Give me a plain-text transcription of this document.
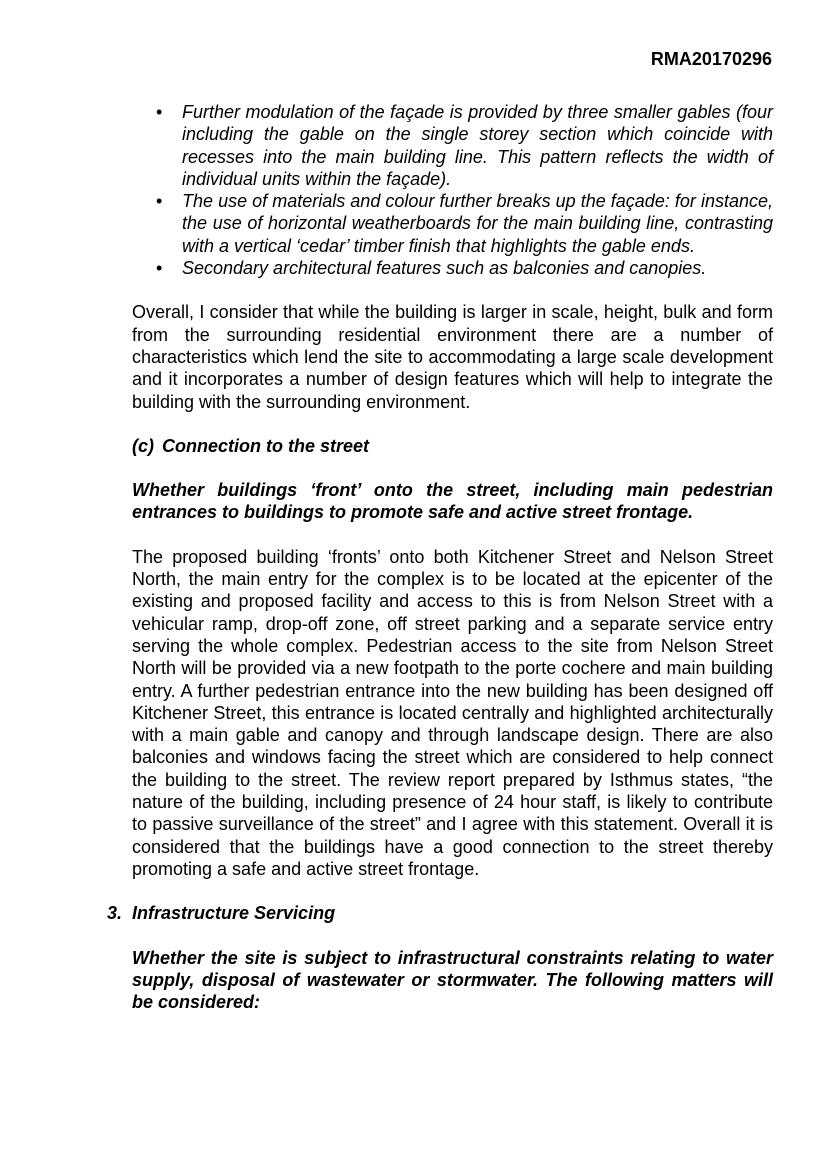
RMA20170296
• Further modulation of the façade is provided by three smaller gables (four including the gable on the single storey section which coincide with recesses into the main building line. This pattern reflects the width of individual units within the façade).
• The use of materials and colour further breaks up the façade: for instance, the use of horizontal weatherboards for the main building line, contrasting with a vertical ‘cedar’ timber finish that highlights the gable ends.
• Secondary architectural features such as balconies and canopies.

Overall, I consider that while the building is larger in scale, height, bulk and form from the surrounding residential environment there are a number of characteristics which lend the site to accommodating a large scale development and it incorporates a number of design features which will help to integrate the building with the surrounding environment.

(c) Connection to the street

Whether buildings ‘front’ onto the street, including main pedestrian entrances to buildings to promote safe and active street frontage.

The proposed building ‘fronts’ onto both Kitchener Street and Nelson Street North, the main entry for the complex is to be located at the epicenter of the existing and proposed facility and access to this is from Nelson Street with a vehicular ramp, drop-off zone, off street parking and a separate service entry serving the whole complex. Pedestrian access to the site from Nelson Street North will be provided via a new footpath to the porte cochere and main building entry. A further pedestrian entrance into the new building has been designed off Kitchener Street, this entrance is located centrally and highlighted architecturally with a main gable and canopy and through landscape design. There are also balconies and windows facing the street which are considered to help connect the building to the street. The review report prepared by Isthmus states, “the nature of the building, including presence of 24 hour staff, is likely to contribute to passive surveillance of the street” and I agree with this statement. Overall it is considered that the buildings have a good connection to the street thereby promoting a safe and active street frontage.

3. Infrastructure Servicing

Whether the site is subject to infrastructural constraints relating to water supply, disposal of wastewater or stormwater. The following matters will be considered:
